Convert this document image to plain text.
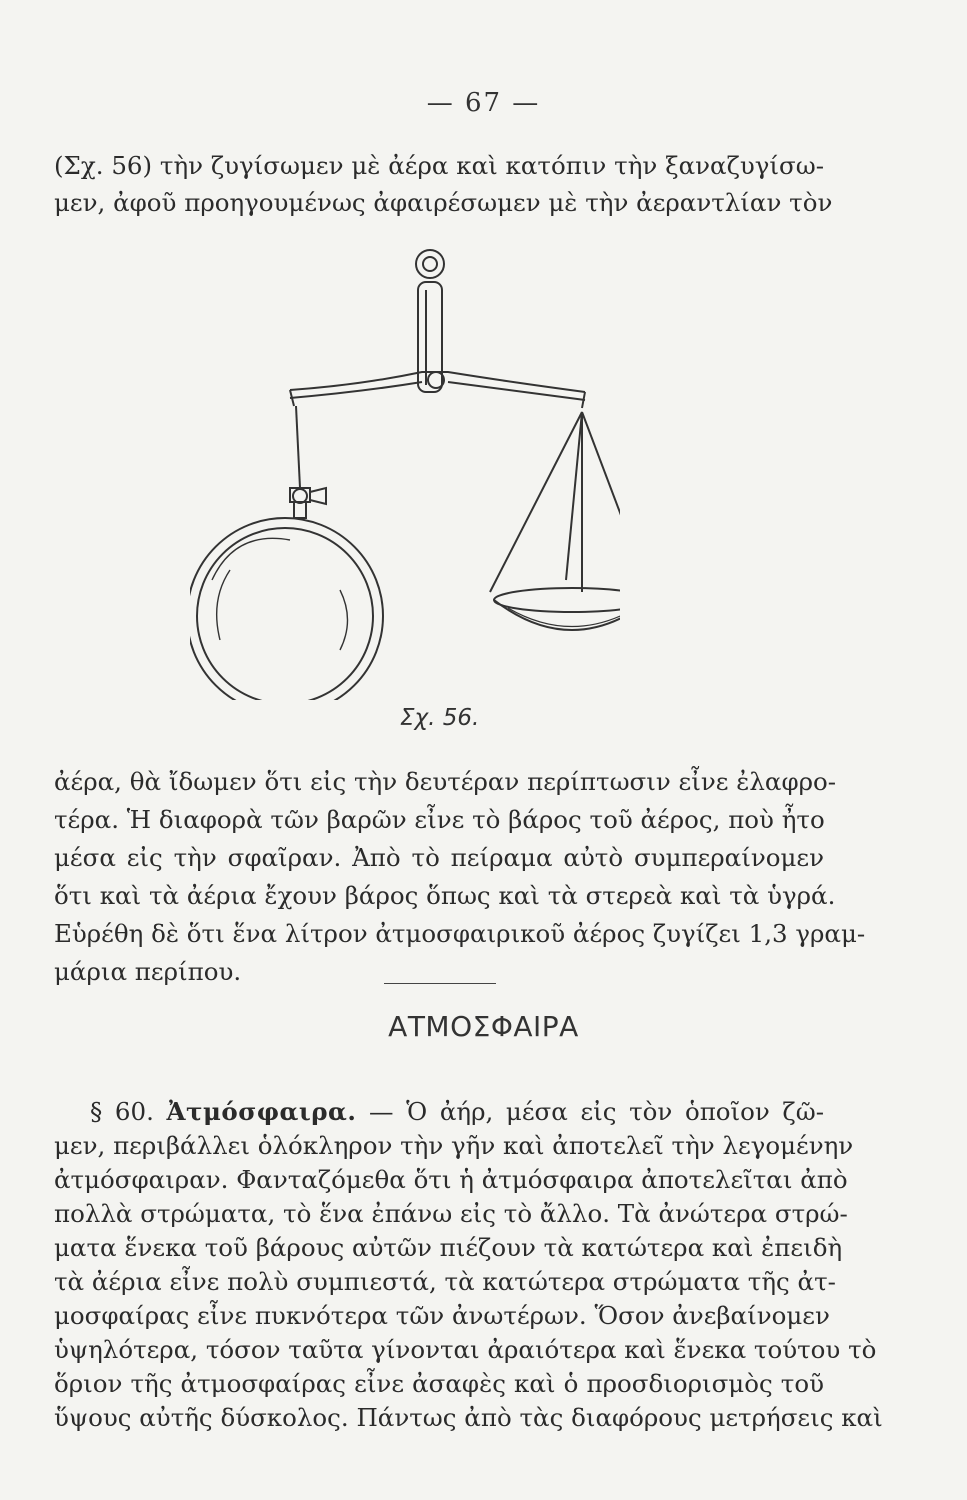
— 67 —
(Σχ. 56) τὴν ζυγίσωμεν μὲ ἀέρα καὶ κατόπιν τὴν ξαναζυγίσω-
μεν, ἀφοῦ προηγουμένως ἀφαιρέσωμεν μὲ τὴν ἀεραντλίαν τὸν
Σχ. 56.
ἀέρα, θὰ ἴδωμεν ὅτι εἰς τὴν δευτέραν περίπτωσιν εἶνε ἐλαφρο-
τέρα. Ἡ διαφορὰ τῶν βαρῶν εἶνε τὸ βάρος τοῦ ἀέρος, ποὺ ἦτο
μέσα εἰς τὴν σφαῖραν. Ἀπὸ τὸ πείραμα αὐτὸ συμπεραίνομεν
ὅτι καὶ τὰ ἀέρια ἔχουν βάρος ὅπως καὶ τὰ στερεὰ καὶ τὰ ὑγρά.
Εὑρέθη δὲ ὅτι ἕνα λίτρον ἀτμοσφαιρικοῦ ἀέρος ζυγίζει 1,3 γραμ-
μάρια περίπου.
ΑΤΜΟΣΦΑΙΡΑ
§ 60. Ἀτμόσφαιρα. — Ὁ ἀήρ, μέσα εἰς τὸν ὁποῖον ζῶ-
μεν, περιβάλλει ὁλόκληρον τὴν γῆν καὶ ἀποτελεῖ τὴν λεγομένην
ἀτμόσφαιραν. Φανταζόμεθα ὅτι ἡ ἀτμόσφαιρα ἀποτελεῖται ἀπὸ
πολλὰ στρώματα, τὸ ἕνα ἐπάνω εἰς τὸ ἄλλο. Τὰ ἀνώτερα στρώ-
ματα ἕνεκα τοῦ βάρους αὐτῶν πιέζουν τὰ κατώτερα καὶ ἐπειδὴ
τὰ ἀέρια εἶνε πολὺ συμπιεστά, τὰ κατώτερα στρώματα τῆς ἀτ-
μοσφαίρας εἶνε πυκνότερα τῶν ἀνωτέρων. Ὅσον ἀνεβαίνομεν
ὑψηλότερα, τόσον ταῦτα γίνονται ἀραιότερα καὶ ἕνεκα τούτου τὸ
ὅριον τῆς ἀτμοσφαίρας εἶνε ἀσαφὲς καὶ ὁ προσδιορισμὸς τοῦ
ὕψους αὐτῆς δύσκολος. Πάντως ἀπὸ τὰς διαφόρους μετρήσεις καὶ
